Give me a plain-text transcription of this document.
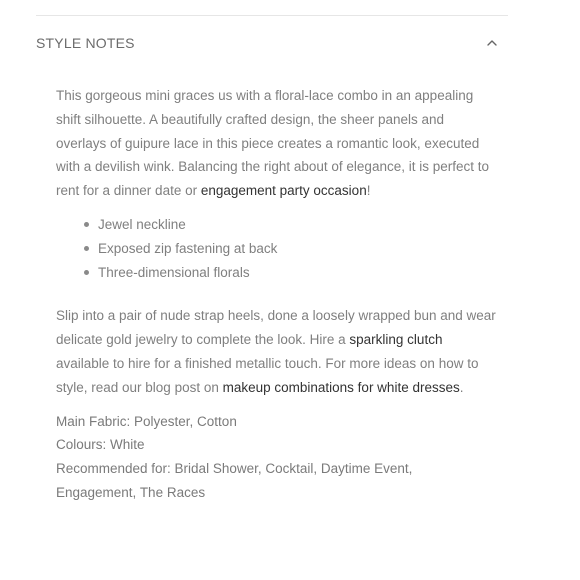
STYLE NOTES

This gorgeous mini graces us with a floral-lace combo in an appealing shift silhouette. A beautifully crafted design, the sheer panels and overlays of guipure lace in this piece creates a romantic look, executed with a devilish wink. Balancing the right about of elegance, it is perfect to rent for a dinner date or engagement party occasion!

Jewel neckline
Exposed zip fastening at back
Three-dimensional florals

Slip into a pair of nude strap heels, done a loosely wrapped bun and wear delicate gold jewelry to complete the look. Hire a sparkling clutch available to hire for a finished metallic touch. For more ideas on how to style, read our blog post on makeup combinations for white dresses.

Main Fabric: Polyester, Cotton
Colours: White
Recommended for: Bridal Shower, Cocktail, Daytime Event, Engagement, The Races
